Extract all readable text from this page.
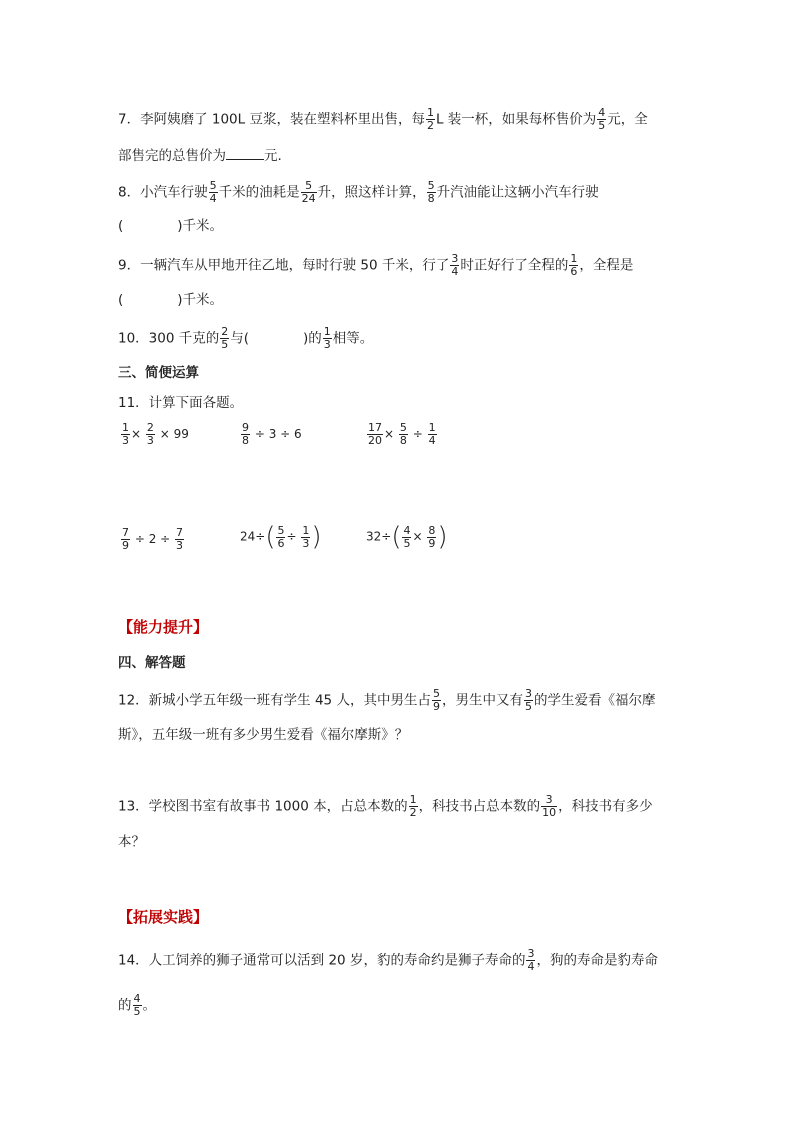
7．李阿姨磨了 100L 豆浆，装在塑料杯里出售，每 $\frac{1}{2}$ L 装一杯，如果每杯售价为 $\frac{4}{5}$ 元，全
部售完的总售价为	元.
8．小汽车行驶 $\frac{5}{4}$ 千米的油耗是 $\frac{5}{24}$ 升，照这样计算， $\frac{5}{8}$ 升汽油能让这辆小汽车行驶
(　　　　)千米。
9．一辆汽车从甲地开往乙地，每时行驶 50 千米，行了 $\frac{3}{4}$ 时正好行了全程的 $\frac{1}{6}$ ，全程是
(　　　　)千米。
10．300 千克的 $\frac{2}{5}$ 与(　　　　)的 $\frac{1}{3}$ 相等。
三、简便运算
11．计算下面各题。
$\frac{1}{3} \times \frac{2}{3} \times 99$	$\frac{9}{8} \div 3 \div 6$	$\frac{17}{20} \times \frac{5}{8} \div \frac{1}{4}$
$\frac{7}{9} \div 2 \div \frac{7}{3}$	$24\div( \frac{5}{6} \div \frac{1}{3}$ )	$32\div( \frac{4}{5} \times \frac{8}{9}$ )
【能力提升】
四、解答题
12．新城小学五年级一班有学生 45 人，其中男生占 $\frac{5}{9}$ ，男生中又有 $\frac{3}{5}$ 的学生爱看《福尔摩
斯》，五年级一班有多少男生爱看《福尔摩斯》？
13．学校图书室有故事书 1000 本，占总本数的 $\frac{1}{2}$ ，科技书占总本数的 $\frac{3}{10}$ ，科技书有多少
本？
【拓展实践】
14．人工饲养的狮子通常可以活到 20 岁，豹的寿命约是狮子寿命的 $\frac{3}{4}$ ，狗的寿命是豹寿命
的 $\frac{4}{5}$ 。
